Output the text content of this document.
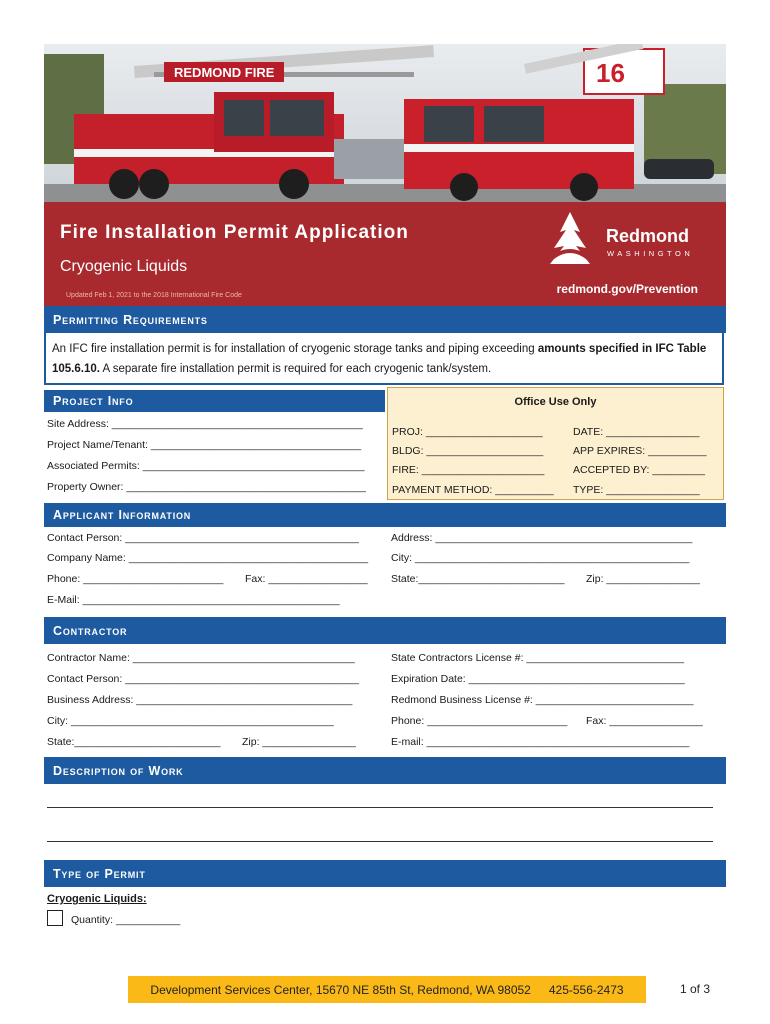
REDMOND FIRE	16
Fire Installation Permit Application
Cryogenic Liquids
Updated Feb 1, 2021 to the 2018 International Fire Code
Redmond
WASHINGTON
redmond.gov/Prevention
Permitting Requirements

An IFC fire installation permit is for installation of cryogenic storage tanks and piping exceeding amounts specified in IFC Table 105.6.10. A separate fire installation permit is required for each cryogenic tank/system.

Project Info
Site Address: ___________________________________________
Project Name/Tenant: ____________________________________
Associated Permits: ______________________________________
Property Owner: _________________________________________
Office Use Only
PROJ: ____________________
BLDG: ____________________
FIRE: _____________________
PAYMENT METHOD: __________
DATE: ________________
APP EXPIRES: __________
ACCEPTED BY: _________
TYPE: ________________
Applicant Information
Contact Person: ________________________________________
Company Name: _________________________________________
Phone: ________________________ Fax: _________________
E-Mail: ____________________________________________
Address: ____________________________________________
City: _______________________________________________
State:_________________________ Zip: ________________
Contractor
Contractor Name: ______________________________________
Contact Person: ________________________________________
Business Address: _____________________________________
City: _____________________________________________
State:_________________________ Zip: ________________
State Contractors License #: ___________________________
Expiration Date: _____________________________________
Redmond Business License #: ___________________________
Phone: ________________________ Fax: ________________
E-mail: _____________________________________________
Description of Work
Type of Permit
Cryogenic Liquids:
Quantity: ___________
Development Services Center, 15670 NE 85th St, Redmond, WA 98052 425-556-2473	1 of 3
